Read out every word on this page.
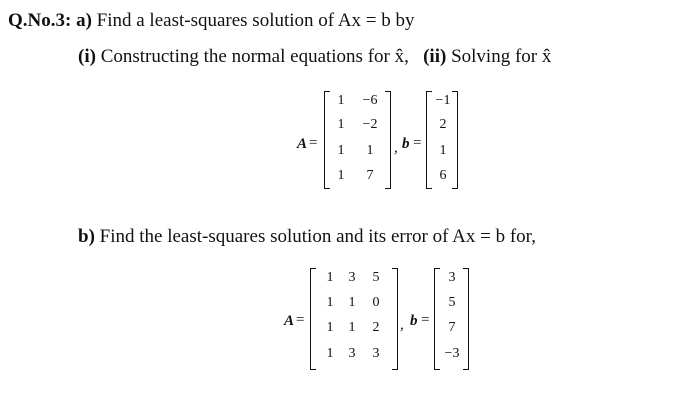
Q.No.3: a) Find a least-squares solution of Ax = b by
(i) Constructing the normal equations for x̂, (ii) Solving for x̂
A =
1	−6
1	−2
1	1
1	7
, b =
−1
2
1
6
b) Find the least-squares solution and its error of Ax = b for,
A =
1	3	5
1	1	0
1	1	2
1	3	3
, b =
3
5
7
−3
